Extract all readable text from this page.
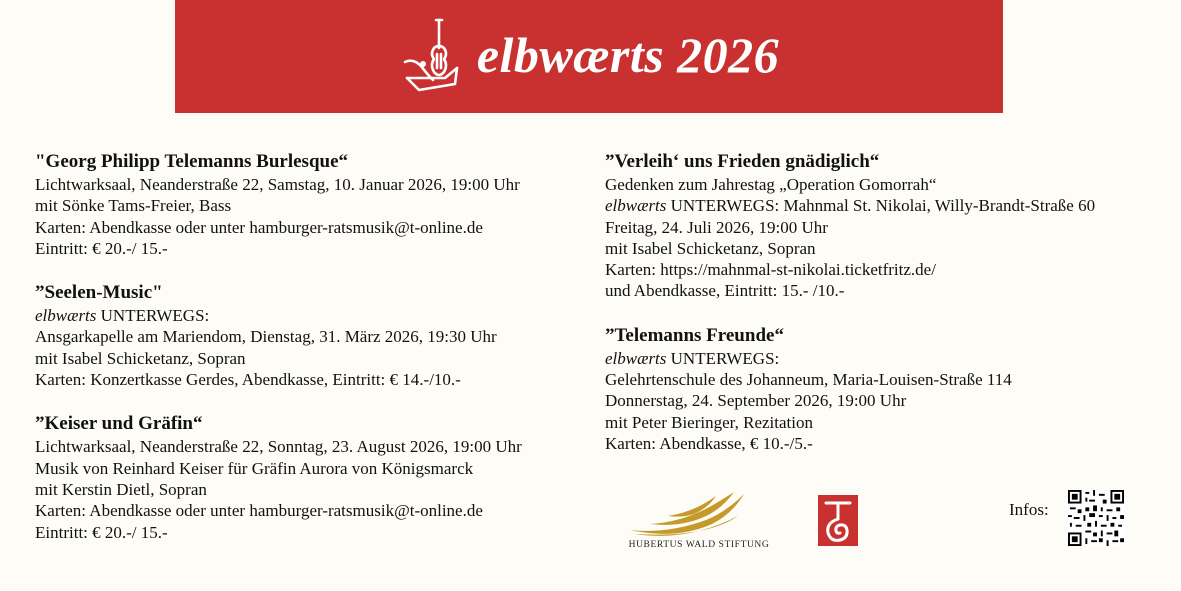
elbwærts 2026
"Georg Philipp Telemanns Burlesque“
Lichtwarksaal, Neanderstraße 22, Samstag, 10. Januar 2026, 19:00 Uhr
mit Sönke Tams-Freier, Bass
Karten: Abendkasse oder unter hamburger-ratsmusik@t-online.de
Eintritt: € 20.-/ 15.-
”Seelen-Music"
elbwærts UNTERWEGS:
Ansgarkapelle am Mariendom, Dienstag, 31. März 2026, 19:30 Uhr
mit Isabel Schicketanz, Sopran
Karten: Konzertkasse Gerdes, Abendkasse, Eintritt: € 14.-/10.-
”Keiser und Gräfin“
Lichtwarksaal, Neanderstraße 22, Sonntag, 23. August 2026, 19:00 Uhr
Musik von Reinhard Keiser für Gräfin Aurora von Königsmarck
mit Kerstin Dietl, Sopran
Karten: Abendkasse oder unter hamburger-ratsmusik@t-online.de
Eintritt: € 20.-/ 15.-
”Verleih‘ uns Frieden gnädiglich“
Gedenken zum Jahrestag „Operation Gomorrah“
elbwærts UNTERWEGS: Mahnmal St. Nikolai, Willy-Brandt-Straße 60
Freitag, 24. Juli 2026, 19:00 Uhr
mit Isabel Schicketanz, Sopran
Karten: https://mahnmal-st-nikolai.ticketfritz.de/
und Abendkasse, Eintritt: 15.- /10.-
”Telemanns Freunde“
elbwærts UNTERWEGS:
Gelehrtenschule des Johanneum, Maria-Louisen-Straße 114
Donnerstag, 24. September 2026, 19:00 Uhr
mit Peter Bieringer, Rezitation
Karten: Abendkasse, € 10.-/5.-
HUBERTUS WALD STIFTUNG
Infos:
